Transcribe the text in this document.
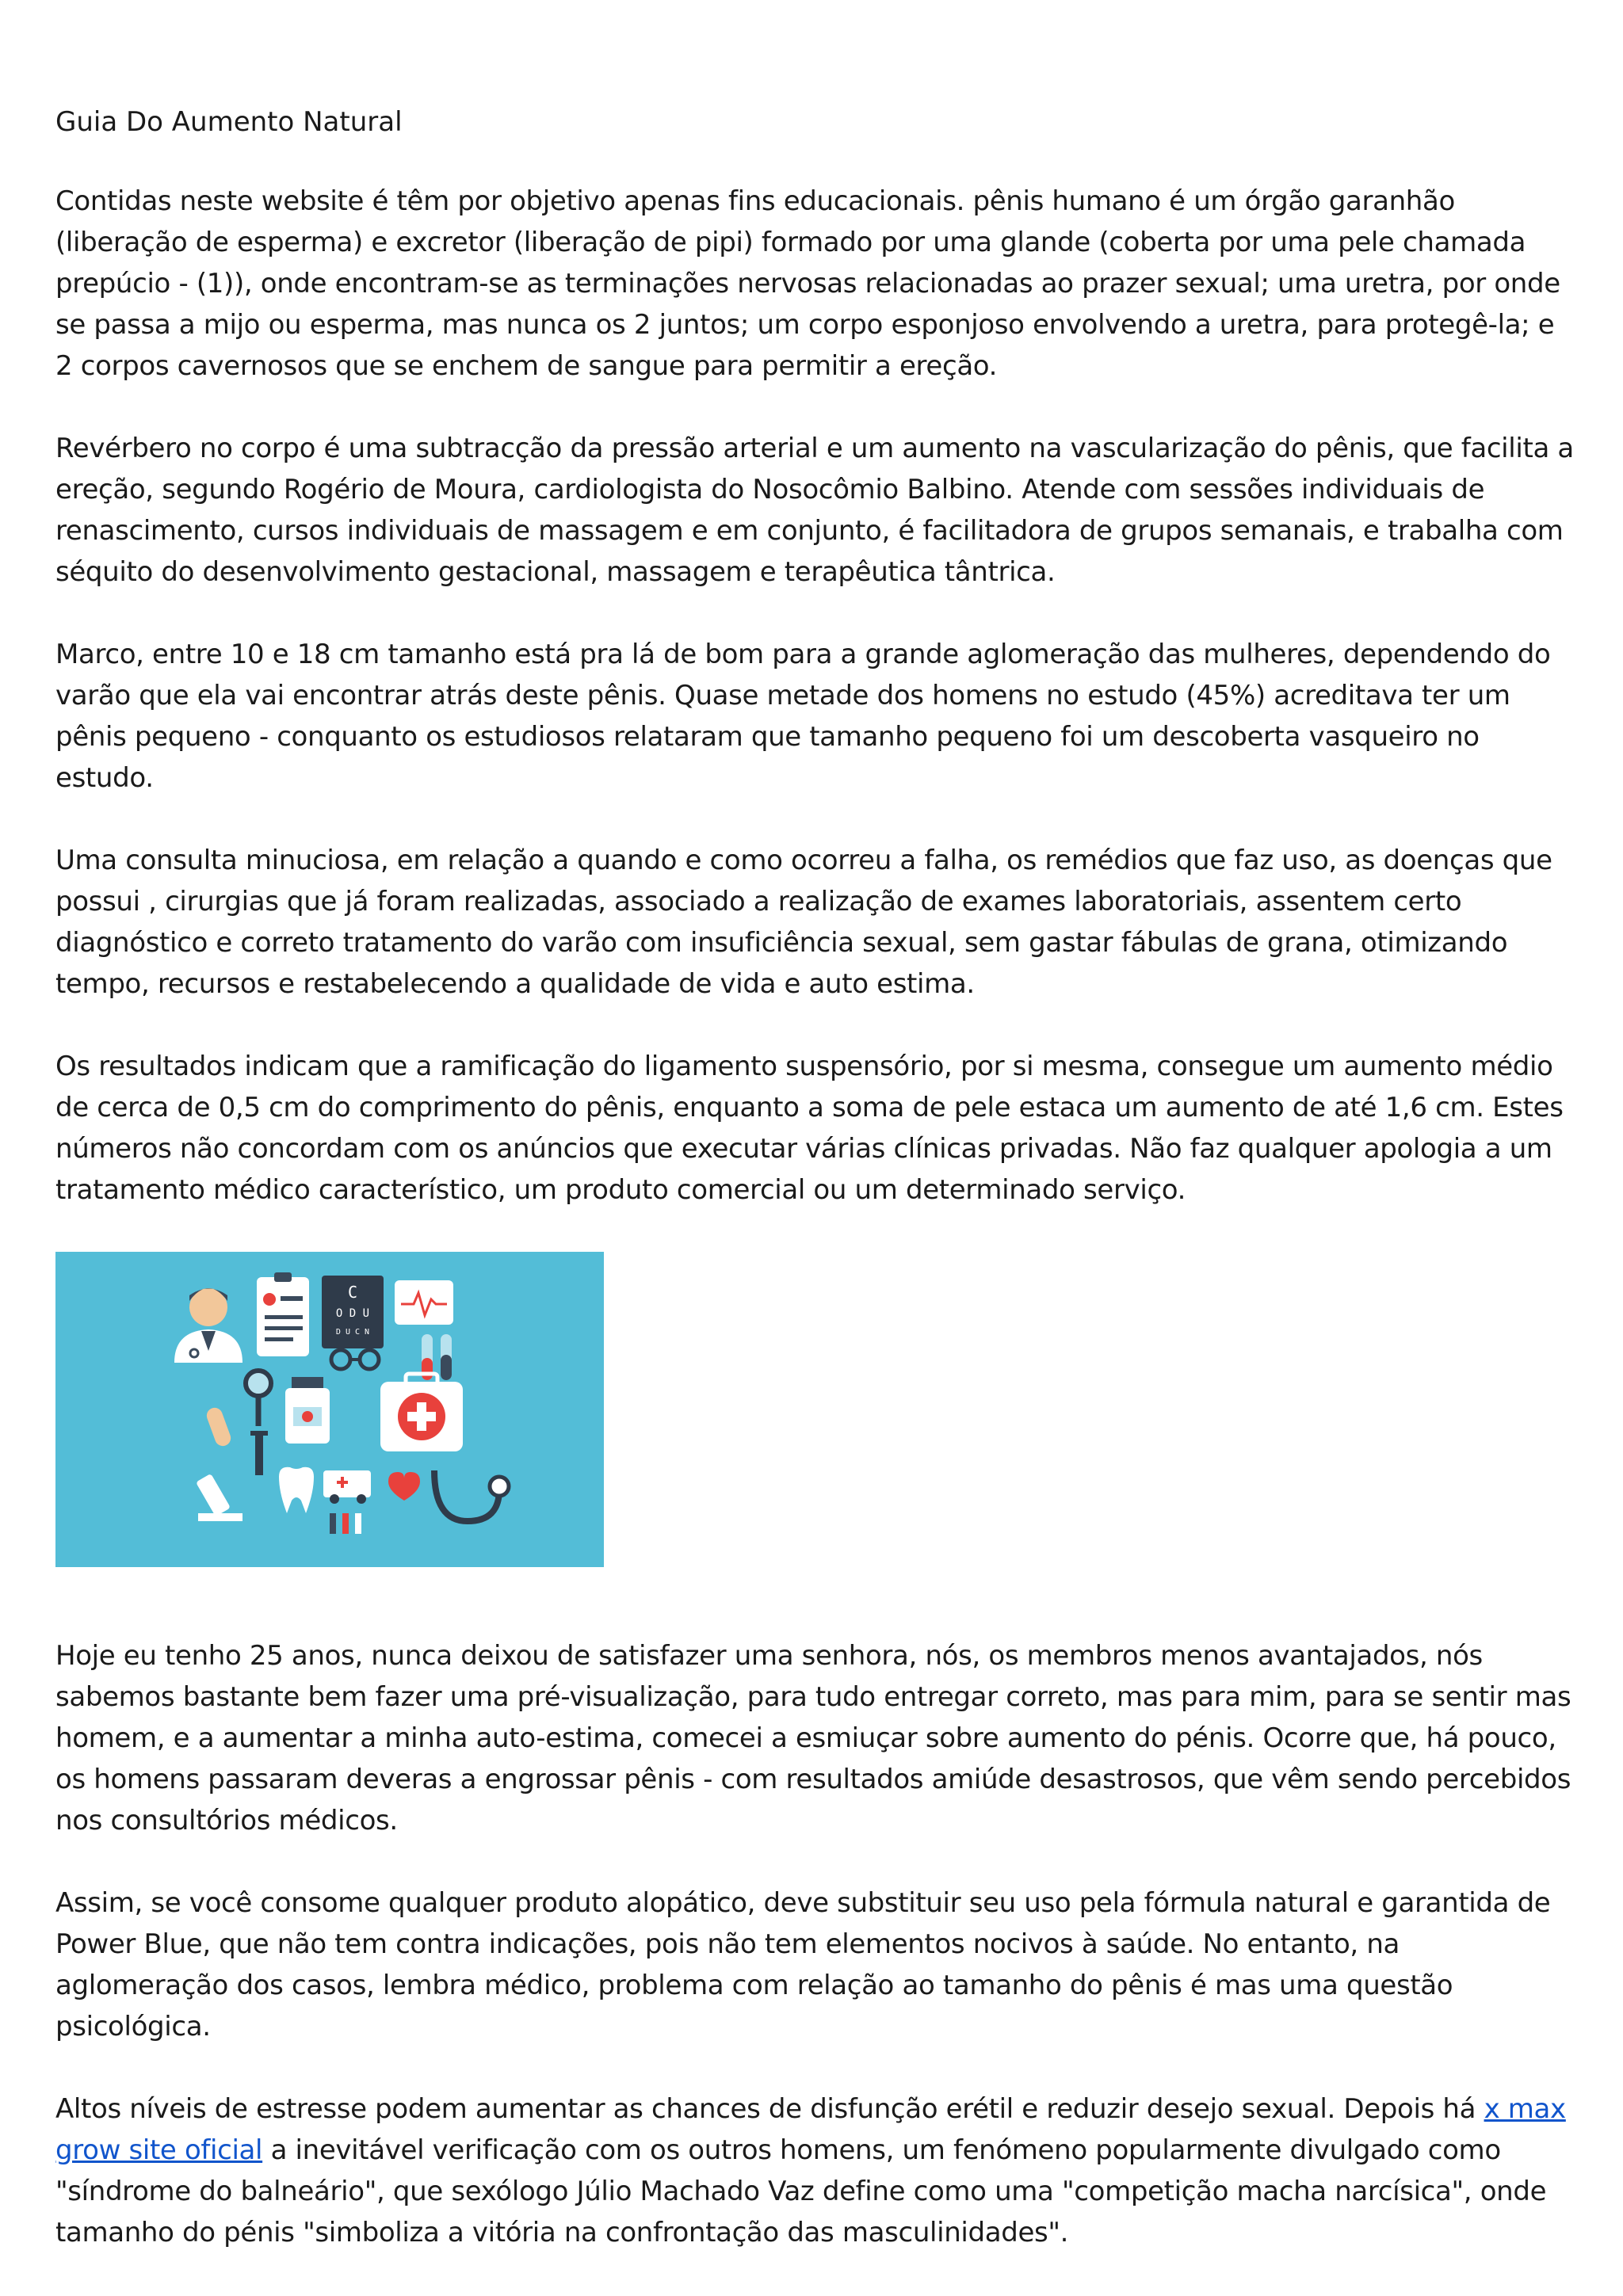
Guia Do Aumento Natural

Contidas neste website é têm por objetivo apenas fins educacionais. pênis humano é um órgão garanhão (liberação de esperma) e excretor (liberação de pipi) formado por uma glande (coberta por uma pele chamada prepúcio - (1)), onde encontram-se as terminações nervosas relacionadas ao prazer sexual; uma uretra, por onde se passa a mijo ou esperma, mas nunca os 2 juntos; um corpo esponjoso envolvendo a uretra, para protegê-la; e 2 corpos cavernosos que se enchem de sangue para permitir a ereção.

Revérbero no corpo é uma subtracção da pressão arterial e um aumento na vascularização do pênis, que facilita a ereção, segundo Rogério de Moura, cardiologista do Nosocômio Balbino. Atende com sessões individuais de renascimento, cursos individuais de massagem e em conjunto, é facilitadora de grupos semanais, e trabalha com séquito do desenvolvimento gestacional, massagem e terapêutica tântrica.

Marco, entre 10 e 18 cm tamanho está pra lá de bom para a grande aglomeração das mulheres, dependendo do varão que ela vai encontrar atrás deste pênis. Quase metade dos homens no estudo (45%) acreditava ter um pênis pequeno - conquanto os estudiosos relataram que tamanho pequeno foi um descoberta vasqueiro no estudo.

Uma consulta minuciosa, em relação a quando e como ocorreu a falha, os remédios que faz uso, as doenças que possui , cirurgias que já foram realizadas, associado a realização de exames laboratoriais, assentem certo diagnóstico e correto tratamento do varão com insuficiência sexual, sem gastar fábulas de grana, otimizando tempo, recursos e restabelecendo a qualidade de vida e auto estima.

Os resultados indicam que a ramificação do ligamento suspensório, por si mesma, consegue um aumento médio de cerca de 0,5 cm do comprimento do pênis, enquanto a soma de pele estaca um aumento de até 1,6 cm. Estes números não concordam com os anúncios que executar várias clínicas privadas. Não faz qualquer apologia a um tratamento médico característico, um produto comercial ou um determinado serviço.

C
O D U
D U C N

Hoje eu tenho 25 anos, nunca deixou de satisfazer uma senhora, nós, os membros menos avantajados, nós sabemos bastante bem fazer uma pré-visualização, para tudo entregar correto, mas para mim, para se sentir mas homem, e a aumentar a minha auto-estima, comecei a esmiuçar sobre aumento do pénis. Ocorre que, há pouco, os homens passaram deveras a engrossar pênis - com resultados amiúde desastrosos, que vêm sendo percebidos nos consultórios médicos.

Assim, se você consome qualquer produto alopático, deve substituir seu uso pela fórmula natural e garantida de Power Blue, que não tem contra indicações, pois não tem elementos nocivos à saúde. No entanto, na aglomeração dos casos, lembra médico, problema com relação ao tamanho do pênis é mas uma questão psicológica.

Altos níveis de estresse podem aumentar as chances de disfunção erétil e reduzir desejo sexual. Depois há x max grow site oficial a inevitável verificação com os outros homens, um fenómeno popularmente divulgado como "síndrome do balneário", que sexólogo Júlio Machado Vaz define como uma "competição macha narcísica", onde tamanho do pénis "simboliza a vitória na confrontação das masculinidades".
